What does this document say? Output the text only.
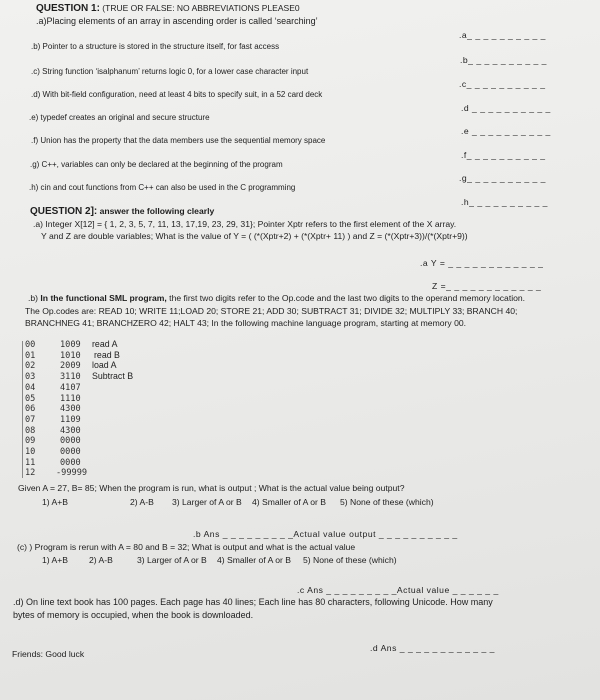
QUESTION 1: (TRUE OR FALSE: NO ABBREVIATIONS PLEASE0
.a)Placing elements of an array in ascending order is called ‘searching’
.a_ _ _ _ _ _ _ _ _ _
.b) Pointer to a structure is stored in the structure itself, for fast access
.b_ _ _ _ _ _ _ _ _ _
.c) String function ‘isalphanum’ returns logic 0, for a lower case character input
.c_ _ _ _ _ _ _ _ _ _
.d) With bit-field configuration, need at least 4 bits to specify suit, in a 52 card deck
.d _ _ _ _ _ _ _ _ _ _
.e) typedef creates an original and secure structure
.e _ _ _ _ _ _ _ _ _ _
.f) Union has the property that the data members use the sequential memory space
.f_ _ _ _ _ _ _ _ _ _
.g) C++, variables can only be declared at the beginning of the program
.g_ _ _ _ _ _ _ _ _ _
.h) cin and cout functions from C++ can also be used in the C programming
.h_ _ _ _ _ _ _ _ _ _
QUESTION 2]: answer the following clearly
.a) Integer X[12] = { 1, 2, 3, 5, 7, 11, 13, 17,19, 23, 29, 31}; Pointer Xptr refers to the first element of the X array.
Y and Z are double variables; What is the value of Y = ( (*(Xptr+2) + (*(Xptr+ 11) ) and Z = (*(Xptr+3))/(*(Xptr+9))
.a Y = _ _ _ _ _ _ _ _ _ _ _ _
Z =_ _ _ _ _ _ _ _ _ _ _ _
.b) In the functional SML program, the first two digits refer to the Op.code and the last two digits to the operand memory location.
The Op.codes are: READ 10; WRITE 11;LOAD 20; STORE 21; ADD 30; SUBTRACT 31; DIVIDE 32; MULTIPLY 33; BRANCH 40;
BRANCHNEG 41; BRANCHZERO 42; HALT 43; In the following machine language program, starting at memory 00.
00	1009 read A
01	1010 read B
02	2009 load A
03	3110 Subtract B
04	4107
05	1110
06	4300
07	1109
08	4300
09	0000
10	0000
11	0000
12 -99999
Given A = 27, B= 85; When the program is run, what is output ; What is the actual value being output?
1) A+B	2) A-B 3) Larger of A or B 4) Smaller of A or B 5) None of these (which)
.b Ans _ _ _ _ _ _ _ _ _Actual value output _ _ _ _ _ _ _ _ _ _
(c) ) Program is rerun with A = 80 and B = 32; What is output and what is the actual value
1) A+B 2) A-B	3) Larger of A or B 4) Smaller of A or B 5) None of these (which)
.c Ans _ _ _ _ _ _ _ _ _Actual value _ _ _ _ _ _
.d) On line text book has 100 pages. Each page has 40 lines; Each line has 80 characters, following Unicode. How many
bytes of memory is occupied, when the book is downloaded.
.d Ans _ _ _ _ _ _ _ _ _ _ _ _
Friends: Good luck
